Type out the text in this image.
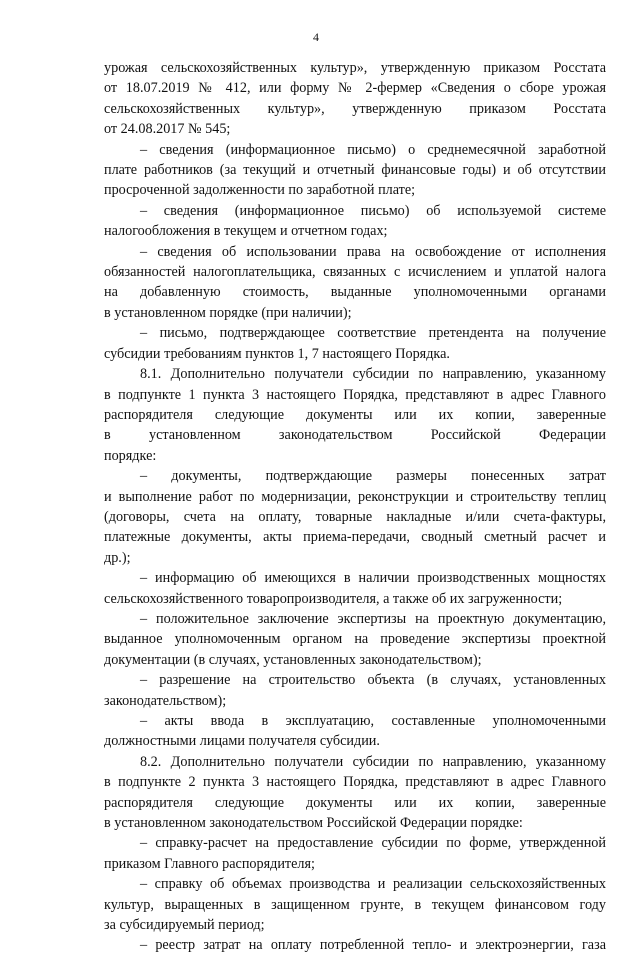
4
урожая сельскохозяйственных культур», утвержденную приказом Росстата
от 18.07.2019 № 412, или форму № 2-фермер «Сведения о сборе урожая
сельскохозяйственных культур», утвержденную приказом Росстата
от 24.08.2017 № 545;
– сведения (информационное письмо) о среднемесячной заработной
плате работников (за текущий и отчетный финансовые годы) и об отсутствии
просроченной задолженности по заработной плате;
– сведения (информационное письмо) об используемой системе
налогообложения в текущем и отчетном годах;
– сведения об использовании права на освобождение от исполнения
обязанностей налогоплательщика, связанных с исчислением и уплатой налога
на добавленную стоимость, выданные уполномоченными органами
в установленном порядке (при наличии);
– письмо, подтверждающее соответствие претендента на получение
субсидии требованиям пунктов 1, 7 настоящего Порядка.
8.1. Дополнительно получатели субсидии по направлению, указанному
в подпункте 1 пункта 3 настоящего Порядка, представляют в адрес Главного
распорядителя следующие документы или их копии, заверенные
в установленном законодательством Российской Федерации
порядке:
– документы, подтверждающие размеры понесенных затрат
и выполнение работ по модернизации, реконструкции и строительству теплиц
(договоры, счета на оплату, товарные накладные и/или счета-фактуры,
платежные документы, акты приема-передачи, сводный сметный расчет и
др.);
– информацию об имеющихся в наличии производственных мощностях
сельскохозяйственного товаропроизводителя, а также об их загруженности;
– положительное заключение экспертизы на проектную документацию,
выданное уполномоченным органом на проведение экспертизы проектной
документации (в случаях, установленных законодательством);
– разрешение на строительство объекта (в случаях, установленных
законодательством);
– акты ввода в эксплуатацию, составленные уполномоченными
должностными лицами получателя субсидии.
8.2. Дополнительно получатели субсидии по направлению, указанному
в подпункте 2 пункта 3 настоящего Порядка, представляют в адрес Главного
распорядителя следующие документы или их копии, заверенные
в установленном законодательством Российской Федерации порядке:
– справку-расчет на предоставление субсидии по форме, утвержденной
приказом Главного распорядителя;
– справку об объемах производства и реализации сельскохозяйственных
культур, выращенных в защищенном грунте, в текущем финансовом году
за субсидируемый период;
– реестр затрат на оплату потребленной тепло- и электроэнергии, газа
